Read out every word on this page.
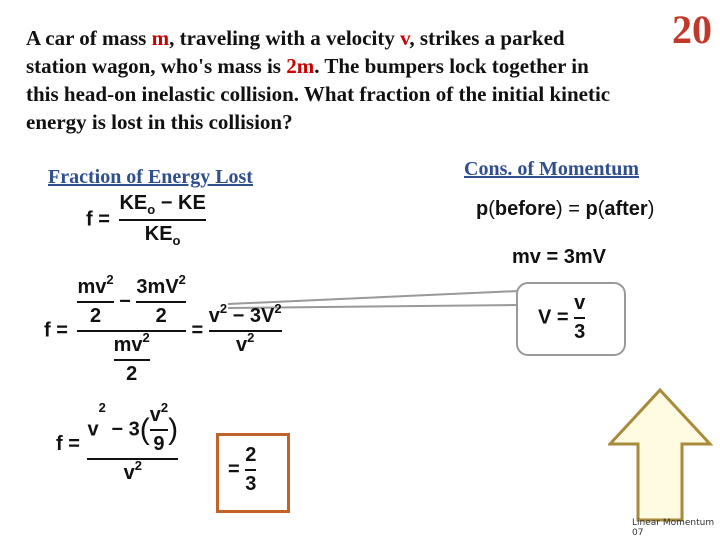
A car of mass m, traveling with a velocity v, strikes a parked station wagon, who's mass is 2m. The bumpers lock together in this head-on inelastic collision. What fraction of the initial kinetic energy is lost in this collision?
20
Fraction of Energy Lost	Cons. of Momentum
$f = \frac{KE_o - KE}{KE_o}$	p(before) = p(after)
mv = 3mV
$V = \frac{v}{3}$
$f = \frac{\frac{mv^2}{2} - \frac{3mV^2}{2}}{\frac{mv^2}{2}} = \frac{v^2 - 3V^2}{v^2}$
$f = \frac{v^2 - 3( \frac{v^2}{9} )}{v^2} = \frac{2}{3}$
Linear Momentum 07
